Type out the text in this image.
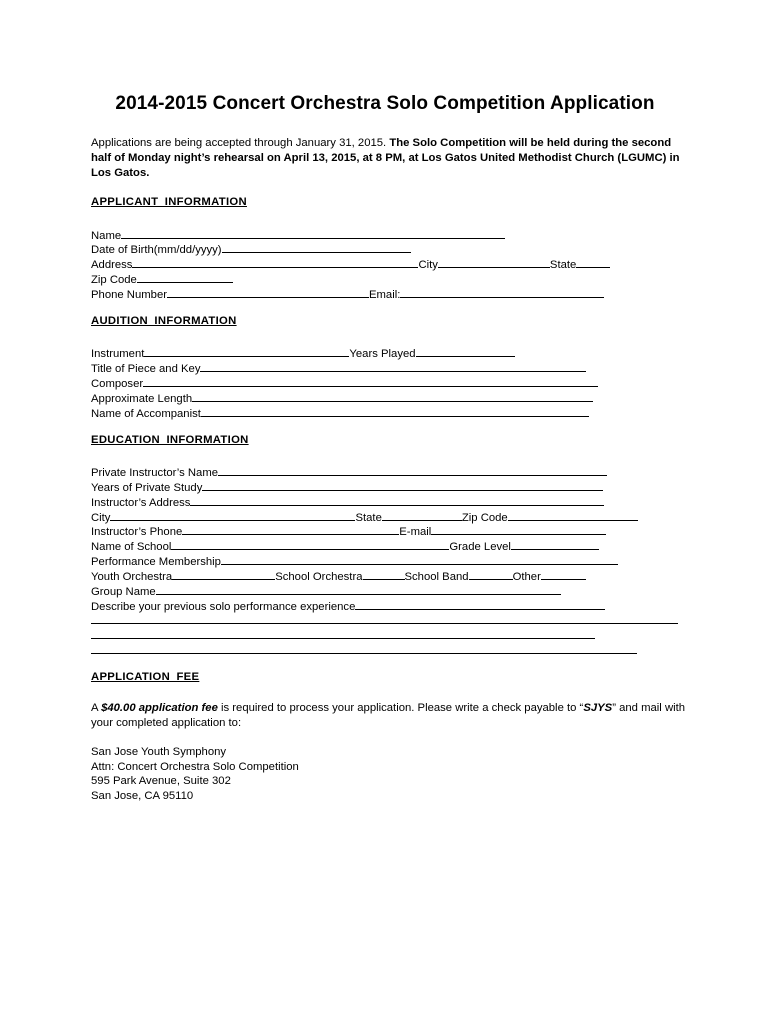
2014-2015 Concert Orchestra Solo Competition Application
Applications are being accepted through January 31, 2015. The Solo Competition will be held during the second half of Monday night’s rehearsal on April 13, 2015, at 8 PM, at Los Gatos United Methodist Church (LGUMC) in Los Gatos.
APPLICANT INFORMATION
Name
Date of Birth(mm/dd/yyyy)
Address	City	State
Zip Code
Phone Number	Email:
AUDITION INFORMATION
Instrument	Years Played
Title of Piece and Key
Composer
Approximate Length
Name of Accompanist
EDUCATION INFORMATION
Private Instructor’s Name
Years of Private Study
Instructor’s Address
City	State	Zip Code
Instructor’s Phone	E-mail
Name of School	Grade Level
Performance Membership
Youth Orchestra	School Orchestra	School Band	Other
Group Name
Describe your previous solo performance experience
APPLICATION FEE
A $40.00 application fee is required to process your application. Please write a check payable to “SJYS” and mail with your completed application to:
San Jose Youth Symphony
Attn: Concert Orchestra Solo Competition
595 Park Avenue, Suite 302
San Jose, CA 95110
